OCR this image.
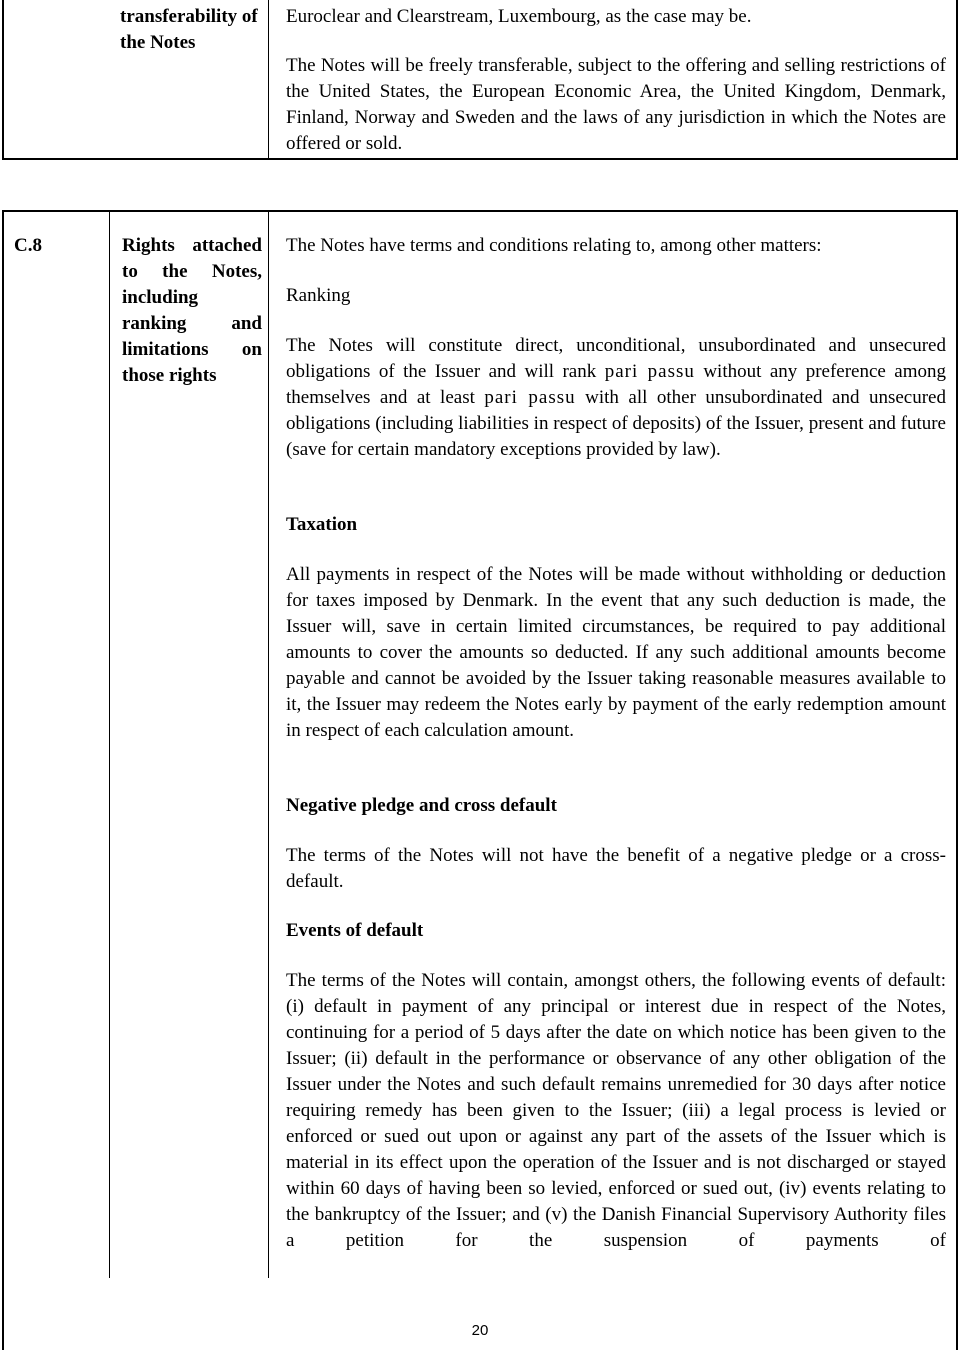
transferability of the Notes

Euroclear and Clearstream, Luxembourg, as the case may be.

The Notes will be freely transferable, subject to the offering and selling restrictions of the United States, the European Economic Area, the United Kingdom, Denmark, Finland, Norway and Sweden and the laws of any jurisdiction in which the Notes are offered or sold.

C.8	Rights attached to the Notes, including ranking and limitations on those rights

The Notes have terms and conditions relating to, among other matters:

Ranking

The Notes will constitute direct, unconditional, unsubordinated and unsecured obligations of the Issuer and will rank pari passu without any preference among themselves and at least pari passu with all other unsubordinated and unsecured obligations (including liabilities in respect of deposits) of the Issuer, present and future (save for certain mandatory exceptions provided by law).

Taxation

All payments in respect of the Notes will be made without withholding or deduction for taxes imposed by Denmark. In the event that any such deduction is made, the Issuer will, save in certain limited circumstances, be required to pay additional amounts to cover the amounts so deducted. If any such additional amounts become payable and cannot be avoided by the Issuer taking reasonable measures available to it, the Issuer may redeem the Notes early by payment of the early redemption amount in respect of each calculation amount.

Negative pledge and cross default

The terms of the Notes will not have the benefit of a negative pledge or a cross-default.

Events of default

The terms of the Notes will contain, amongst others, the following events of default: (i) default in payment of any principal or interest due in respect of the Notes, continuing for a period of 5 days after the date on which notice has been given to the Issuer; (ii) default in the performance or observance of any other obligation of the Issuer under the Notes and such default remains unremedied for 30 days after notice requiring remedy has been given to the Issuer; (iii) a legal process is levied or enforced or sued out upon or against any part of the assets of the Issuer which is material in its effect upon the operation of the Issuer and is not discharged or stayed within 60 days of having been so levied, enforced or sued out, (iv) events relating to the bankruptcy of the Issuer; and (v) the Danish Financial Supervisory Authority files a petition for the suspension of payments of

20
